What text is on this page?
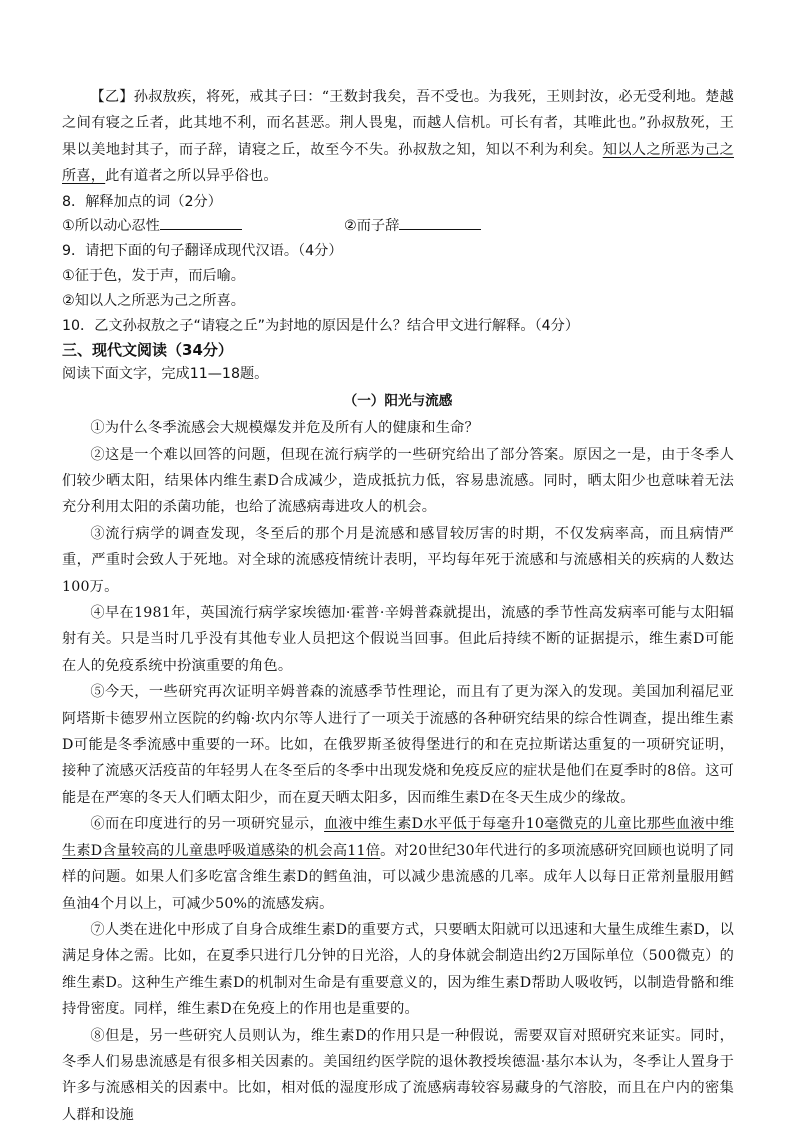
【乙】孙叔敖疾，将死，戒其子曰：“王数封我矣，吾不受也。为我死，王则封汝，必无受利地。楚越之间有寝之丘者，此其地不利，而名甚恶。荆人畏鬼，而越人信机。可长有者，其唯此也。”孙叔敖死，王果以美地封其子，而子辞，请寝之丘，故至今不失。孙叔敖之知，知以不利为利矣。知以人之所恶为己之所喜，此有道者之所以异乎俗也。

8．解释加点的词（2分）

①所以动心忍性	②而子辞

9．请把下面的句子翻译成现代汉语。（4分）

①征于色，发于声，而后喻。

②知以人之所恶为己之所喜。

10．乙文孙叔敖之子“请寝之丘”为封地的原因是什么？结合甲文进行解释。（4分）

三、现代文阅读（34分）

阅读下面文字，完成11—18题。

（一）阳光与流感

①为什么冬季流感会大规模爆发并危及所有人的健康和生命？

②这是一个难以回答的问题，但现在流行病学的一些研究给出了部分答案。原因之一是，由于冬季人们较少晒太阳，结果体内维生素D合成减少，造成抵抗力低，容易患流感。同时，晒太阳少也意味着无法充分利用太阳的杀菌功能，也给了流感病毒进攻人的机会。

③流行病学的调查发现，冬至后的那个月是流感和感冒较厉害的时期，不仅发病率高，而且病情严重，严重时会致人于死地。对全球的流感疫情统计表明，平均每年死于流感和与流感相关的疾病的人数达100万。

④早在1981年，英国流行病学家埃德加·霍普·辛姆普森就提出，流感的季节性高发病率可能与太阳辐射有关。只是当时几乎没有其他专业人员把这个假说当回事。但此后持续不断的证据提示，维生素D可能在人的免疫系统中扮演重要的角色。

⑤今天，一些研究再次证明辛姆普森的流感季节性理论，而且有了更为深入的发现。美国加利福尼亚阿塔斯卡德罗州立医院的约翰·坎内尔等人进行了一项关于流感的各种研究结果的综合性调查，提出维生素D可能是冬季流感中重要的一环。比如，在俄罗斯圣彼得堡进行的和在克拉斯诺达重复的一项研究证明，接种了流感灭活疫苗的年轻男人在冬至后的冬季中出现发烧和免疫反应的症状是他们在夏季时的8倍。这可能是在严寒的冬天人们晒太阳少，而在夏天晒太阳多，因而维生素D在冬天生成少的缘故。

⑥而在印度进行的另一项研究显示，血液中维生素D水平低于每毫升10毫微克的儿童比那些血液中维生素D含量较高的儿童患呼吸道感染的机会高11倍。对20世纪30年代进行的多项流感研究回顾也说明了同样的问题。如果人们多吃富含维生素D的鳕鱼油，可以减少患流感的几率。成年人以每日正常剂量服用鳕鱼油4个月以上，可减少50%的流感发病。

⑦人类在进化中形成了自身合成维生素D的重要方式，只要晒太阳就可以迅速和大量生成维生素D，以满足身体之需。比如，在夏季只进行几分钟的日光浴，人的身体就会制造出约2万国际单位（500微克）的维生素D。这种生产维生素D的机制对生命是有重要意义的，因为维生素D帮助人吸收钙，以制造骨骼和维持骨密度。同样，维生素D在免疫上的作用也是重要的。

⑧但是，另一些研究人员则认为，维生素D的作用只是一种假说，需要双盲对照研究来证实。同时，冬季人们易患流感是有很多相关因素的。美国纽约医学院的退休教授埃德温·基尔本认为，冬季让人置身于许多与流感相关的因素中。比如，相对低的湿度形成了流感病毒较容易藏身的气溶胶，而且在户内的密集人群和设施
